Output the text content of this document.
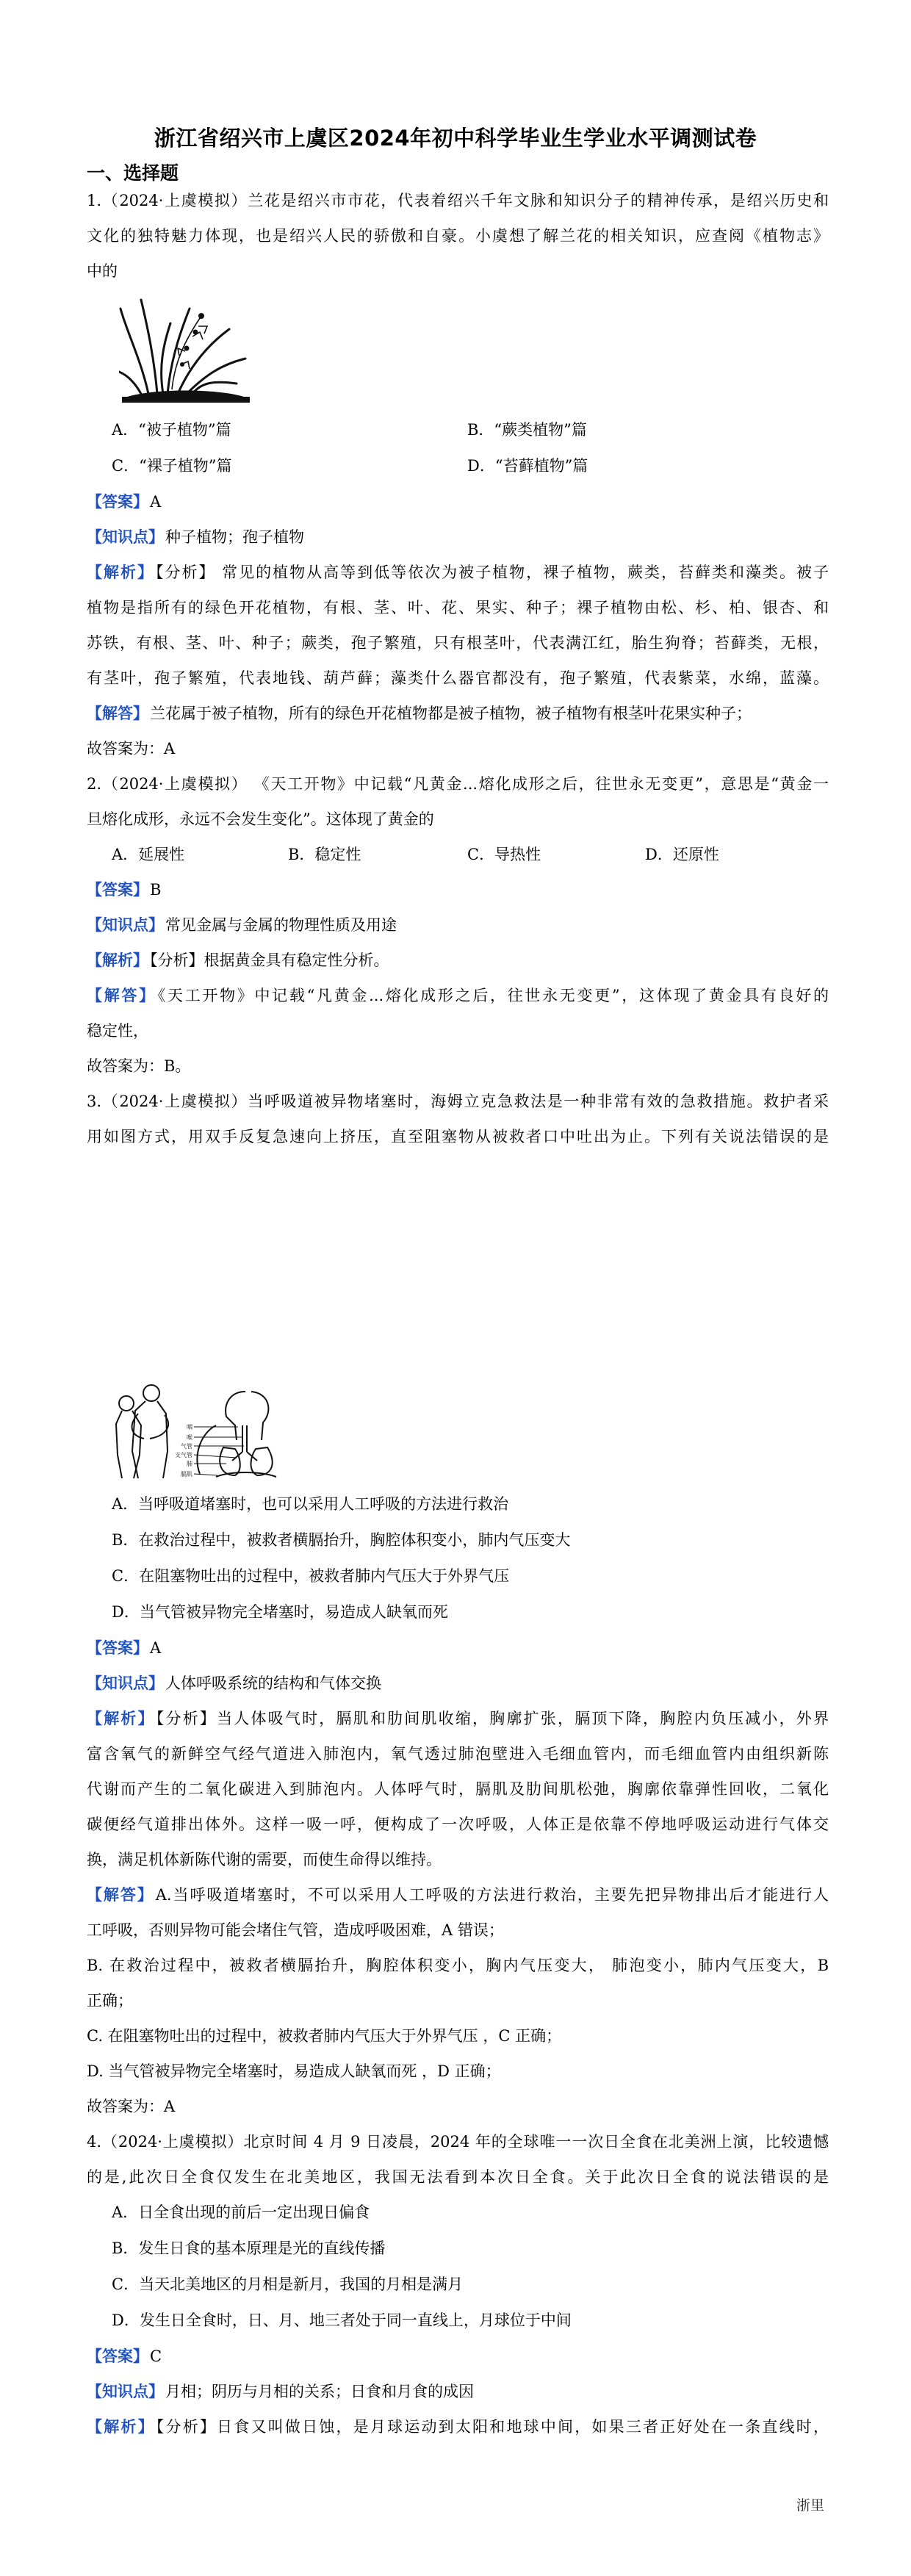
浙江省绍兴市上虞区2024年初中科学毕业生学业水平调测试卷
一、选择题
1.（2024·上虞模拟）兰花是绍兴市市花，代表着绍兴千年文脉和知识分子的精神传承，是绍兴历史和
文化的独特魅力体现，也是绍兴人民的骄傲和自豪。小虞想了解兰花的相关知识，应查阅《植物志》
中的
A．“被子植物”篇	B．“蕨类植物”篇
C．“裸子植物”篇	D．“苔藓植物”篇
【答案】A
【知识点】种子植物；孢子植物
【解析】【分析】 常见的植物从高等到低等依次为被子植物，裸子植物，蕨类，苔藓类和藻类。被子
植物是指所有的绿色开花植物，有根、茎、叶、花、果实、种子；裸子植物由松、杉、柏、银杏、和
苏铁，有根、茎、叶、种子；蕨类，孢子繁殖，只有根茎叶，代表满江红，胎生狗脊；苔藓类，无根，
有茎叶，孢子繁殖，代表地钱、葫芦藓；藻类什么器官都没有，孢子繁殖，代表紫菜，水绵，蓝藻。
【解答】兰花属于被子植物，所有的绿色开花植物都是被子植物，被子植物有根茎叶花果实种子；
故答案为：A
2.（2024·上虞模拟） 《天工开物》中记载“凡黄金...熔化成形之后，往世永无变更”，意思是“黄金一
旦熔化成形，永远不会发生变化”。这体现了黄金的
A．延展性	B．稳定性	C．导热性	D．还原性
【答案】B
【知识点】常见金属与金属的物理性质及用途
【解析】【分析】根据黄金具有稳定性分析。
【解答】《天工开物》中记载“凡黄金...熔化成形之后，往世永无变更”，这体现了黄金具有良好的
稳定性，
故答案为：B。
3.（2024·上虞模拟）当呼吸道被异物堵塞时，海姆立克急救法是一种非常有效的急救措施。救护者采
用如图方式，用双手反复急速向上挤压，直至阻塞物从被救者口中吐出为止。下列有关说法错误的是
咽
喉
气管
支气管
肺
膈肌
A．当呼吸道堵塞时，也可以采用人工呼吸的方法进行救治
B．在救治过程中，被救者横膈抬升，胸腔体积变小，肺内气压变大
C．在阻塞物吐出的过程中，被救者肺内气压大于外界气压
D．当气管被异物完全堵塞时，易造成人缺氧而死
【答案】A
【知识点】人体呼吸系统的结构和气体交换
【解析】【分析】当人体吸气时，膈肌和肋间肌收缩，胸廓扩张，膈顶下降，胸腔内负压减小，外界
富含氧气的新鲜空气经气道进入肺泡内，氧气透过肺泡壁进入毛细血管内，而毛细血管内由组织新陈
代谢而产生的二氧化碳进入到肺泡内。人体呼气时，膈肌及肋间肌松弛，胸廓依靠弹性回收，二氧化
碳便经气道排出体外。这样一吸一呼，便构成了一次呼吸，人体正是依靠不停地呼吸运动进行气体交
换，满足机体新陈代谢的需要，而使生命得以维持。
【解答】A.当呼吸道堵塞时，不可以采用人工呼吸的方法进行救治，主要先把异物排出后才能进行人
工呼吸，否则异物可能会堵住气管，造成呼吸困难，A 错误；
B. 在救治过程中，被救者横膈抬升，胸腔体积变小，胸内气压变大， 肺泡变小，肺内气压变大，B
正确；
C. 在阻塞物吐出的过程中，被救者肺内气压大于外界气压 ，C 正确；
D. 当气管被异物完全堵塞时，易造成人缺氧而死 ，D 正确；
故答案为：A
4.（2024·上虞模拟）北京时间 4 月 9 日凌晨，2024 年的全球唯一一次日全食在北美洲上演，比较遗憾
的是,此次日全食仅发生在北美地区，我国无法看到本次日全食。关于此次日全食的说法错误的是
A．日全食出现的前后一定出现日偏食
B．发生日食的基本原理是光的直线传播
C．当天北美地区的月相是新月，我国的月相是满月
D．发生日全食时，日、月、地三者处于同一直线上，月球位于中间
【答案】C
【知识点】月相；阴历与月相的关系；日食和月食的成因
【解析】【分析】日食又叫做日蚀，是月球运动到太阳和地球中间，如果三者正好处在一条直线时，
浙里
